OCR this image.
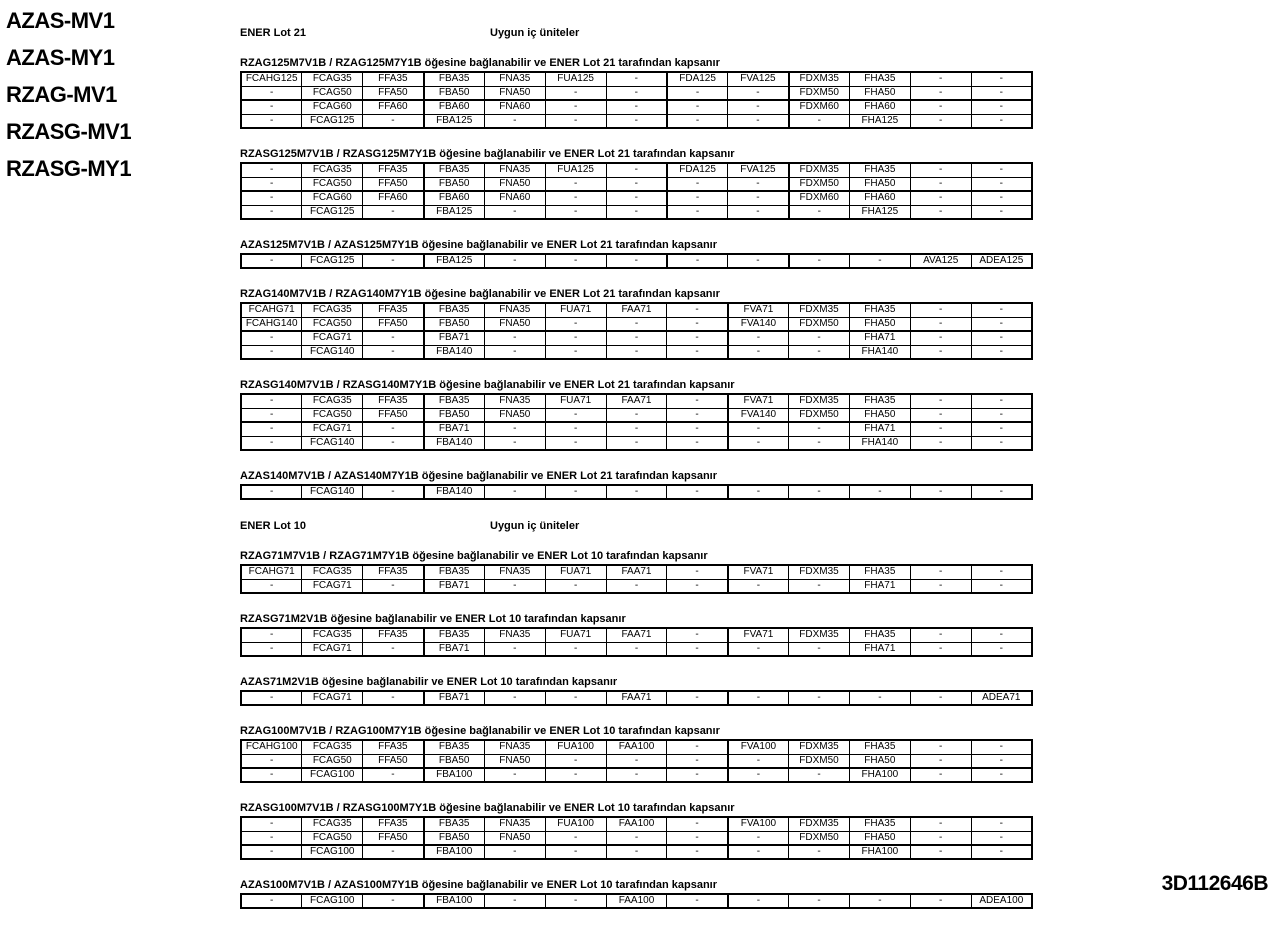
AZAS-MV1
AZAS-MY1
RZAG-MV1
RZASG-MV1
RZASG-MY1
ENER Lot 21	Uygun iç üniteler
RZAG125M7V1B / RZAG125M7Y1B öğesine bağlanabilir ve ENER Lot 21 tarafından kapsanır
FCAHG125	FCAG35	FFA35	FBA35	FNA35	FUA125	-	FDA125	FVA125	FDXM35	FHA35	-	-
-	FCAG50	FFA50	FBA50	FNA50	-	-	-	-	FDXM50	FHA50	-	-
-	FCAG60	FFA60	FBA60	FNA60	-	-	-	-	FDXM60	FHA60	-	-
-	FCAG125	-	FBA125	-	-	-	-	-	-	FHA125	-	-
RZASG125M7V1B / RZASG125M7Y1B öğesine bağlanabilir ve ENER Lot 21 tarafından kapsanır
-	FCAG35	FFA35	FBA35	FNA35	FUA125	-	FDA125	FVA125	FDXM35	FHA35	-	-
-	FCAG50	FFA50	FBA50	FNA50	-	-	-	-	FDXM50	FHA50	-	-
-	FCAG60	FFA60	FBA60	FNA60	-	-	-	-	FDXM60	FHA60	-	-
-	FCAG125	-	FBA125	-	-	-	-	-	-	FHA125	-	-
AZAS125M7V1B / AZAS125M7Y1B öğesine bağlanabilir ve ENER Lot 21 tarafından kapsanır
-	FCAG125	-	FBA125	-	-	-	-	-	-	-	AVA125	ADEA125
RZAG140M7V1B / RZAG140M7Y1B öğesine bağlanabilir ve ENER Lot 21 tarafından kapsanır
FCAHG71	FCAG35	FFA35	FBA35	FNA35	FUA71	FAA71	-	FVA71	FDXM35	FHA35	-	-
FCAHG140	FCAG50	FFA50	FBA50	FNA50	-	-	-	FVA140	FDXM50	FHA50	-	-
-	FCAG71	-	FBA71	-	-	-	-	-	-	FHA71	-	-
-	FCAG140	-	FBA140	-	-	-	-	-	-	FHA140	-	-
RZASG140M7V1B / RZASG140M7Y1B öğesine bağlanabilir ve ENER Lot 21 tarafından kapsanır
-	FCAG35	FFA35	FBA35	FNA35	FUA71	FAA71	-	FVA71	FDXM35	FHA35	-	-
-	FCAG50	FFA50	FBA50	FNA50	-	-	-	FVA140	FDXM50	FHA50	-	-
-	FCAG71	-	FBA71	-	-	-	-	-	-	FHA71	-	-
-	FCAG140	-	FBA140	-	-	-	-	-	-	FHA140	-	-
AZAS140M7V1B / AZAS140M7Y1B öğesine bağlanabilir ve ENER Lot 21 tarafından kapsanır
-	FCAG140	-	FBA140	-	-	-	-	-	-	-	-	-
ENER Lot 10	Uygun iç üniteler
RZAG71M7V1B / RZAG71M7Y1B öğesine bağlanabilir ve ENER Lot 10 tarafından kapsanır
FCAHG71	FCAG35	FFA35	FBA35	FNA35	FUA71	FAA71	-	FVA71	FDXM35	FHA35	-	-
-	FCAG71	-	FBA71	-	-	-	-	-	-	FHA71	-	-
RZASG71M2V1B öğesine bağlanabilir ve ENER Lot 10 tarafından kapsanır
-	FCAG35	FFA35	FBA35	FNA35	FUA71	FAA71	-	FVA71	FDXM35	FHA35	-	-
-	FCAG71	-	FBA71	-	-	-	-	-	-	FHA71	-	-
AZAS71M2V1B öğesine bağlanabilir ve ENER Lot 10 tarafından kapsanır
-	FCAG71	-	FBA71	-	-	FAA71	-	-	-	-	-	ADEA71
RZAG100M7V1B / RZAG100M7Y1B öğesine bağlanabilir ve ENER Lot 10 tarafından kapsanır
FCAHG100	FCAG35	FFA35	FBA35	FNA35	FUA100	FAA100	-	FVA100	FDXM35	FHA35	-	-
-	FCAG50	FFA50	FBA50	FNA50	-	-	-	-	FDXM50	FHA50	-	-
-	FCAG100	-	FBA100	-	-	-	-	-	-	FHA100	-	-
RZASG100M7V1B / RZASG100M7Y1B öğesine bağlanabilir ve ENER Lot 10 tarafından kapsanır
-	FCAG35	FFA35	FBA35	FNA35	FUA100	FAA100	-	FVA100	FDXM35	FHA35	-	-
-	FCAG50	FFA50	FBA50	FNA50	-	-	-	-	FDXM50	FHA50	-	-
-	FCAG100	-	FBA100	-	-	-	-	-	-	FHA100	-	-
AZAS100M7V1B / AZAS100M7Y1B öğesine bağlanabilir ve ENER Lot 10 tarafından kapsanır
-	FCAG100	-	FBA100	-	-	FAA100	-	-	-	-	-	ADEA100
3D112646B
